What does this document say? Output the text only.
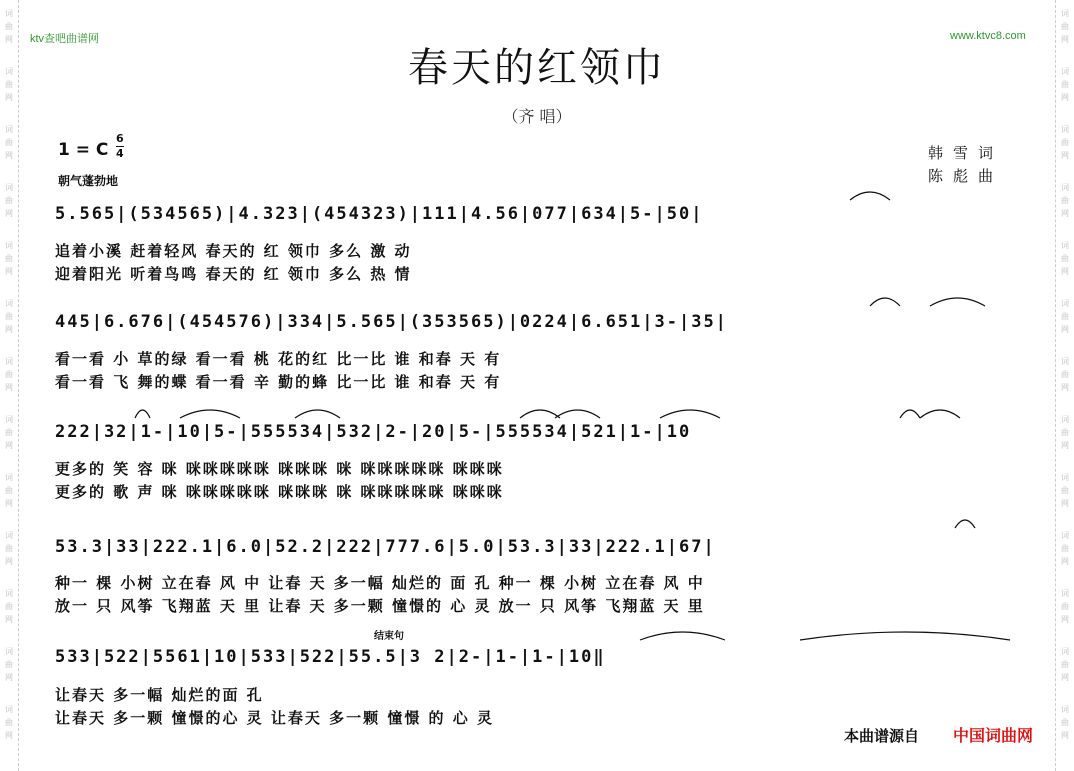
词
曲
网
词
曲
网
词
曲
网
词
曲
网
词
曲
网
词
曲
网
词
曲
网
词
曲
网
词
曲
网
词
曲
网
词
曲
网
词
曲
网
词
曲
网
词
曲
网
词
曲
网
词
曲
网
词
曲
网
词
曲
网
词
曲
网
词
曲
网
词
曲
网
词
曲
网
词
曲
网
词
曲
网
词
曲
网
词
曲
网
ktv查吧曲谱网	www.ktvc8.com
春天的红领巾
（齐 唱）
1 = C $\frac{6}{4}$
朝气蓬勃地
韩雪词
陈彪曲
5.565|(534565)|4.323|(454323)|111|4.56|077|634|5-|50|
追着小溪 赶着轻风 春天的 红 领巾 多么 激 动
迎着阳光 听着鸟鸣 春天的 红 领巾 多么 热 情
445|6.676|(454576)|334|5.565|(353565)|0224|6.651|3-|35|
看一看 小 草的绿 看一看 桃 花的红 比一比 谁 和春 天 有
看一看 飞 舞的蝶 看一看 辛 勤的蜂 比一比 谁 和春 天 有
222|32|1-|10|5-|555534|532|2-|20|5-|555534|521|1-|10
更多的 笑 容 咪 咪咪咪咪咪 咪咪咪 咪 咪咪咪咪咪 咪咪咪
更多的 歌 声 咪 咪咪咪咪咪 咪咪咪 咪 咪咪咪咪咪 咪咪咪
53.3|33|222.1|6.0|52.2|222|777.6|5.0|53.3|33|222.1|67|
种一 棵 小树 立在春 风 中 让春 天 多一幅 灿烂的 面 孔 种一 棵 小树 立在春 风 中
放一 只 风筝 飞翔蓝 天 里 让春 天 多一颗 憧憬的 心 灵 放一 只 风筝 飞翔蓝 天 里
结束句
533|522|5561|10|533|522|55.5|3 2|2-|1-|1-|10‖
让春天 多一幅 灿烂的面 孔
让春天 多一颗 憧憬的心 灵 让春天 多一颗 憧憬 的 心 灵
本曲谱源自 中国词曲网
